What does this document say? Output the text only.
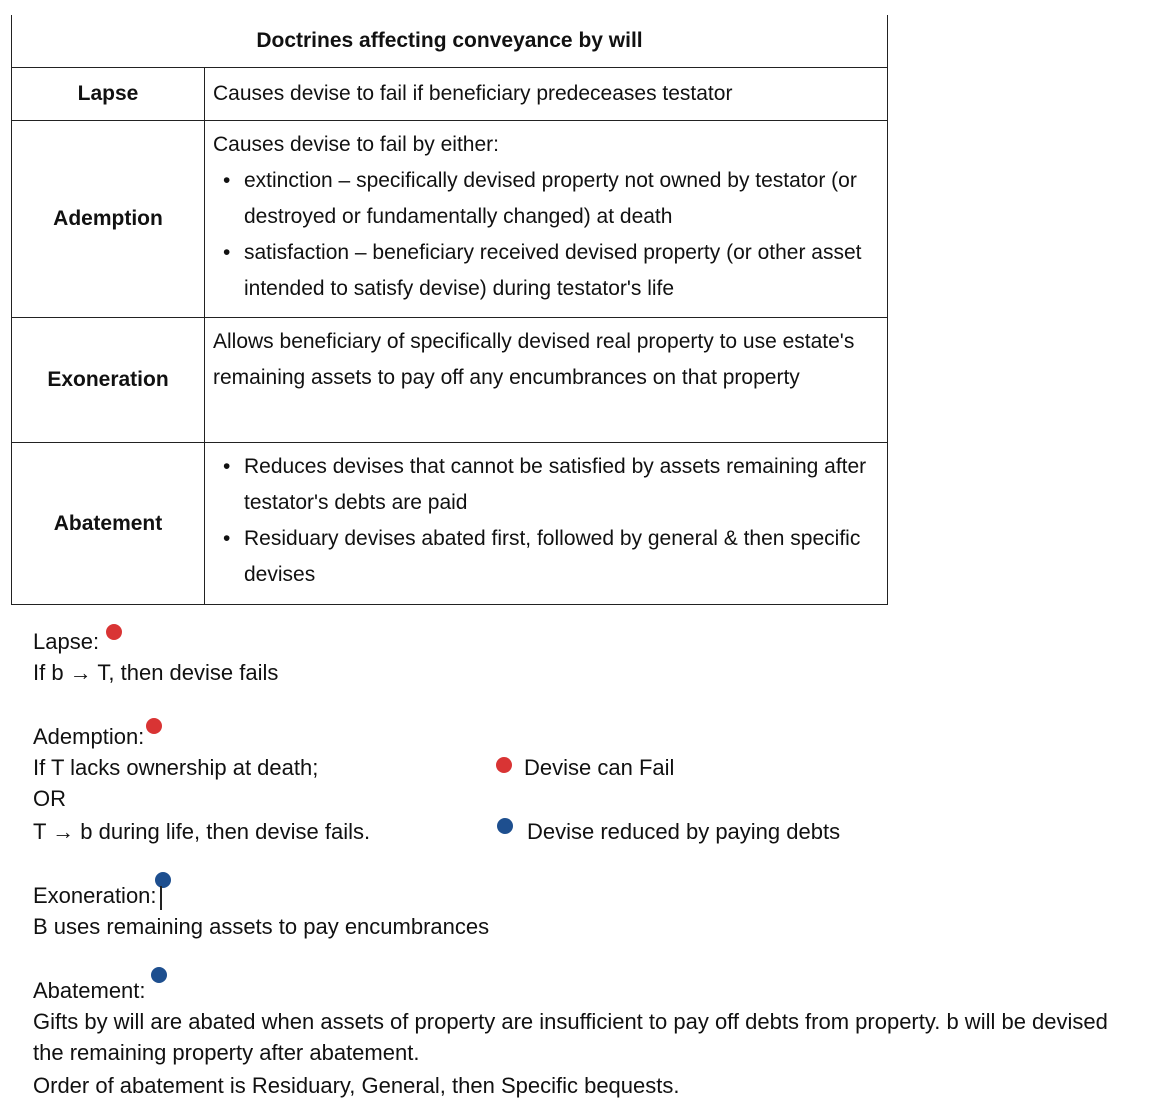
Doctrines affecting conveyance by will
Lapse	Causes devise to fail if beneficiary predeceases testator
Ademption
Causes devise to fail by either:
• extinction – specifically devised property not owned by testator (or destroyed or fundamentally changed) at death
• satisfaction – beneficiary received devised property (or other asset intended to satisfy devise) during testator's life
Exoneration
Allows beneficiary of specifically devised real property to use estate's remaining assets to pay off any encumbrances on that property
Abatement
• Reduces devises that cannot be satisfied by assets remaining after testator's debts are paid
• Residuary devises abated first, followed by general & then specific devises
Lapse:
If b → T, then devise fails
Ademption:
If T lacks ownership at death;
OR
T → b during life, then devise fails.
Devise can Fail
Devise reduced by paying debts
Exoneration:
B uses remaining assets to pay encumbrances
Abatement:
Gifts by will are abated when assets of property are insufficient to pay off debts from property. b will be devised the remaining property after abatement.
Order of abatement is Residuary, General, then Specific bequests.
